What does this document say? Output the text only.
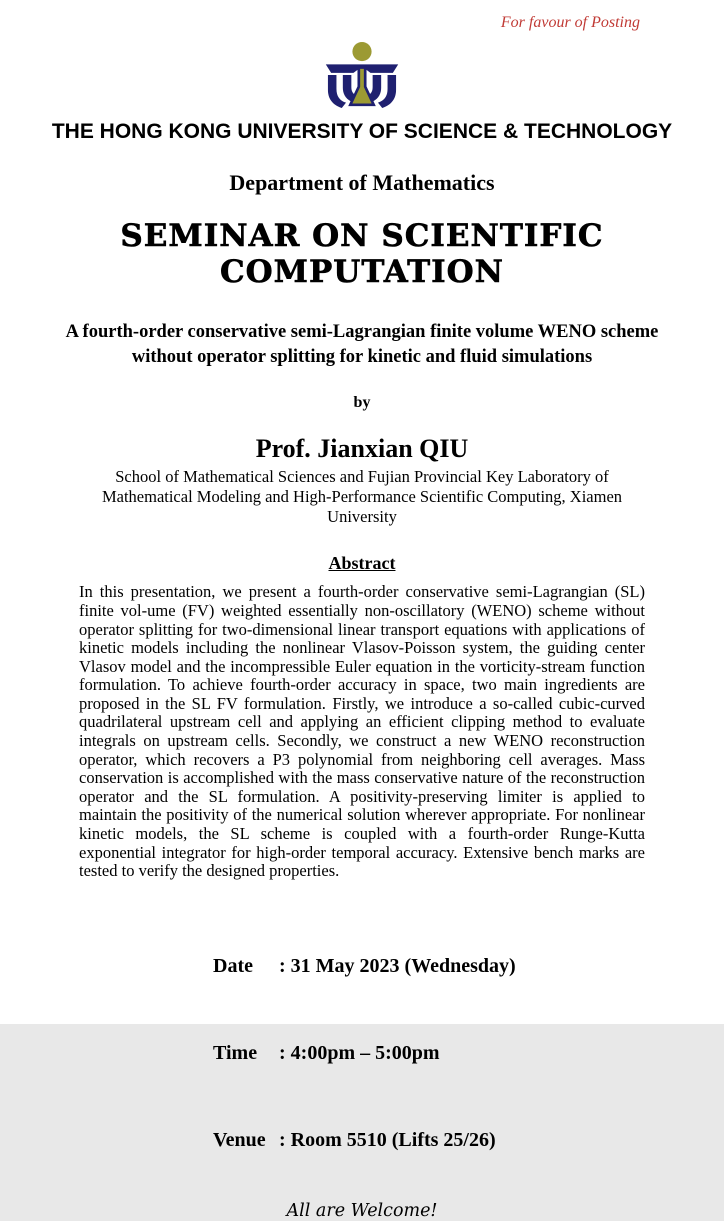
For favour of Posting
THE HONG KONG UNIVERSITY OF SCIENCE & TECHNOLOGY
Department of Mathematics
SEMINAR ON SCIENTIFIC COMPUTATION
A fourth-order conservative semi-Lagrangian finite volume WENO scheme without operator splitting for kinetic and fluid simulations
by
Prof. Jianxian QIU
School of Mathematical Sciences and Fujian Provincial Key Laboratory of Mathematical Modeling and High-Performance Scientific Computing, Xiamen University
Abstract
In this presentation, we present a fourth-order conservative semi-Lagrangian (SL) finite vol-ume (FV) weighted essentially non-oscillatory (WENO) scheme without operator splitting for two-dimensional linear transport equations with applications of kinetic models including the nonlinear Vlasov-Poisson system, the guiding center Vlasov model and the incompressible Euler equation in the vorticity-stream function formulation. To achieve fourth-order accuracy in space, two main ingredients are proposed in the SL FV formulation. Firstly, we introduce a so-called cubic-curved quadrilateral upstream cell and applying an efficient clipping method to evaluate integrals on upstream cells. Secondly, we construct a new WENO reconstruction operator, which recovers a P3 polynomial from neighboring cell averages. Mass conservation is accomplished with the mass conservative nature of the reconstruction operator and the SL formulation. A positivity-preserving limiter is applied to maintain the positivity of the numerical solution wherever appropriate. For nonlinear kinetic models, the SL scheme is coupled with a fourth-order Runge-Kutta exponential integrator for high-order temporal accuracy. Extensive bench marks are tested to verify the designed properties.

Date : 31 May 2023 (Wednesday)

Time : 4:00pm – 5:00pm

Venue : Room 5510 (Lifts 25/26)

All are Welcome!
